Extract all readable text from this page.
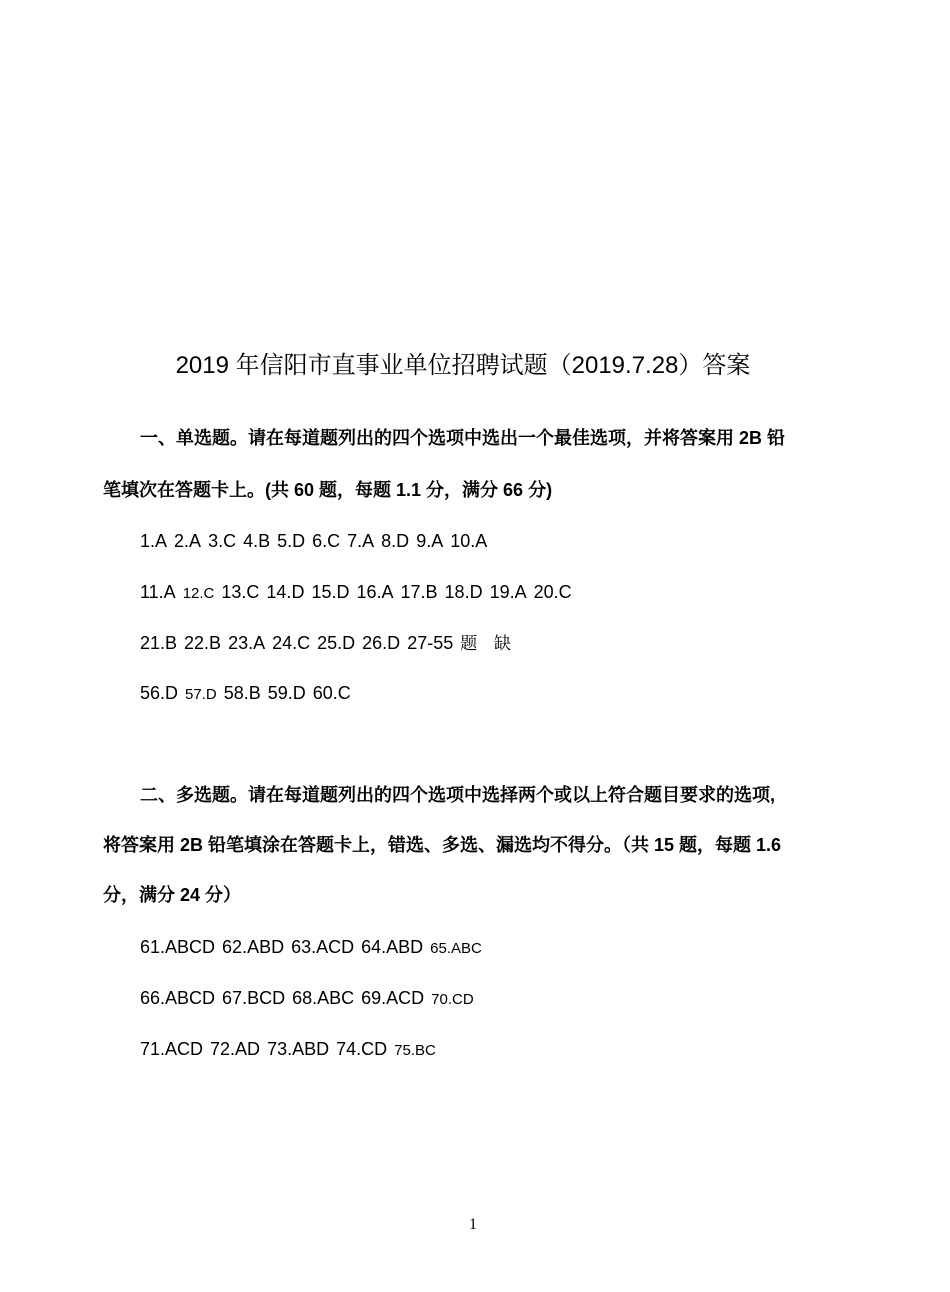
2019 年信阳市直事业单位招聘试题（2019.7.28）答案
一、单选题。请在每道题列出的四个选项中选出一个最佳选项，并将答案用 2B 铅
笔填次在答题卡上。(共 60 题，每题 1.1 分，满分 66 分)
1.A 2.A 3.C 4.B 5.D 6.C 7.A 8.D 9.A 10.A
11.A 12.C 13.C 14.D 15.D 16.A 17.B 18.D 19.A 20.C
21.B 22.B 23.A 24.C 25.D 26.D 27-55 题 缺
56.D 57.D 58.B 59.D 60.C
二、多选题。请在每道题列出的四个选项中选择两个或以上符合题目要求的选项,
将答案用 2B 铅笔填涂在答题卡上，错选、多选、漏选均不得分。（共 15 题，每题 1.6
分，满分 24 分）
61.ABCD 62.ABD 63.ACD 64.ABD 65.ABC
66.ABCD 67.BCD 68.ABC 69.ACD 70.CD
71.ACD 72.AD 73.ABD 74.CD 75.BC
1
